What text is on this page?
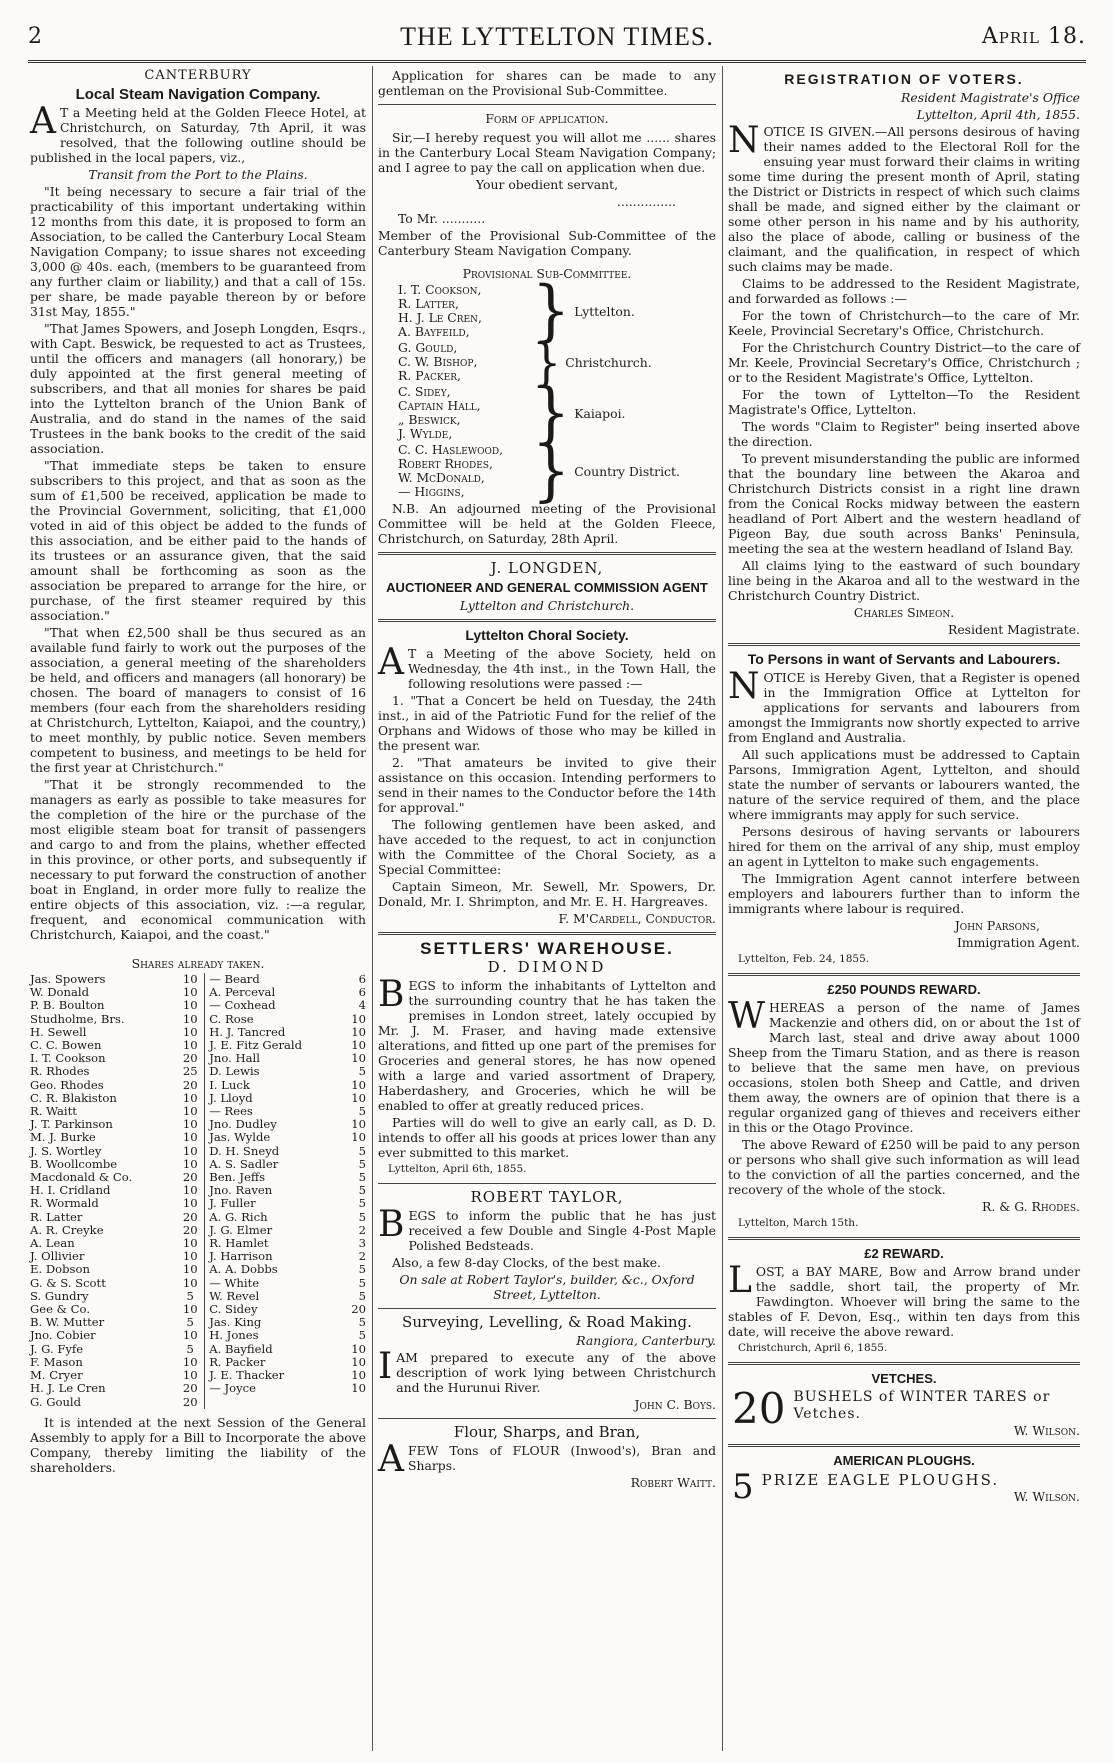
2	THE LYTTELTON TIMES.	April 18.
CANTERBURY
Local Steam Navigation Company.

A T a Meeting held at the Golden Fleece Hotel, at Christchurch, on Saturday, 7th April, it was resolved, that the following outline should be published in the local papers, viz.,

Transit from the Port to the Plains.

"It being necessary to secure a fair trial of the practicability of this important undertaking within 12 months from this date, it is proposed to form an Association, to be called the Canterbury Local Steam Navigation Company; to issue shares not exceeding 3,000 @ 40s. each, (members to be guaranteed from any further claim or liability,) and that a call of 15s. per share, be made payable thereon by or before 31st May, 1855."

"That James Spowers, and Joseph Longden, Esqrs., with Capt. Beswick, be requested to act as Trustees, until the officers and managers (all honorary,) be duly appointed at the first general meeting of subscribers, and that all monies for shares be paid into the Lyttelton branch of the Union Bank of Australia, and do stand in the names of the said Trustees in the bank books to the credit of the said association.

"That immediate steps be taken to ensure subscribers to this project, and that as soon as the sum of £1,500 be received, application be made to the Provincial Government, soliciting, that £1,000 voted in aid of this object be added to the funds of this association, and be either paid to the hands of its trustees or an assurance given, that the said amount shall be forthcoming as soon as the association be prepared to arrange for the hire, or purchase, of the first steamer required by this association."

"That when £2,500 shall be thus secured as an available fund fairly to work out the purposes of the association, a general meeting of the shareholders be held, and officers and managers (all honorary) be chosen. The board of managers to consist of 16 members (four each from the shareholders residing at Christchurch, Lyttelton, Kaiapoi, and the country,) to meet monthly, by public notice. Seven members competent to business, and meetings to be held for the first year at Christchurch."

"That it be strongly recommended to the managers as early as possible to take measures for the completion of the hire or the purchase of the most eligible steam boat for transit of passengers and cargo to and from the plains, whether effected in this province, or other ports, and subsequently if necessary to put forward the construction of another boat in England, in order more fully to realize the entire objects of this association, viz. :—a regular, frequent, and economical communication with Christchurch, Kaiapoi, and the coast."

Shares already taken.
Jas. Spowers	10	— Beard	6
W. Donald	10	A. Perceval	6
P. B. Boulton	10	— Coxhead	4
Studholme, Brs.	10	C. Rose	10
H. Sewell	10	H. J. Tancred	10
C. C. Bowen	10	J. E. Fitz Gerald	10
I. T. Cookson	20	Jno. Hall	10
R. Rhodes	25	D. Lewis	5
Geo. Rhodes	20	I. Luck	10
C. R. Blakiston	10	J. Lloyd	10
R. Waitt	10	— Rees	5
J. T. Parkinson	10	Jno. Dudley	10
M. J. Burke	10	Jas. Wylde	10
J. S. Wortley	10	D. H. Sneyd	5
B. Woollcombe	10	A. S. Sadler	5
Macdonald & Co.	20	Ben. Jeffs	5
H. I. Cridland	10	Jno. Raven	5
R. Wormald	10	J. Fuller	5
R. Latter	20	A. G. Rich	5
A. R. Creyke	20	J. G. Elmer	2
A. Lean	10	R. Hamlet	3
J. Ollivier	10	J. Harrison	2
E. Dobson	10	A. A. Dobbs	5
G. & S. Scott	10	— White	5
S. Gundry	5	W. Revel	5
Gee & Co.	10	C. Sidey	20
B. W. Mutter	5	Jas. King	5
Jno. Cobier	10	H. Jones	5
J. G. Fyfe	5	A. Bayfield	10
F. Mason	10	R. Packer	10
M. Cryer	10	J. E. Thacker	10
H. J. Le Cren	20	— Joyce	10
G. Gould	20		

It is intended at the next Session of the General Assembly to apply for a Bill to Incorporate the above Company, thereby limiting the liability of the shareholders.

Application for shares can be made to any gentleman on the Provisional Sub-Committee.

Form of application.

Sir,—I hereby request you will allot me ...... shares in the Canterbury Local Steam Navigation Company; and I agree to pay the call on application when due.

Your obedient servant,

...............

To Mr. ...........

Member of the Provisional Sub-Committee of the Canterbury Steam Navigation Company.

Provisional Sub-Committee.
I. T. Cookson,
R. Latter,
H. J. Le Cren,
A. Bayfeild,	} Lyttelton.
G. Gould,
C. W. Bishop,
R. Packer,	} Christchurch.
C. Sidey,
Captain Hall,
„ Beswick,
J. Wylde,	} Kaiapoi.
C. C. Haslewood,
Robert Rhodes,
W. McDonald,
— Higgins,	} Country District.

N.B. An adjourned meeting of the Provisional Committee will be held at the Golden Fleece, Christchurch, on Saturday, 28th April.

J. LONGDEN,
AUCTIONEER AND GENERAL COMMISSION AGENT
Lyttelton and Christchurch.
Lyttelton Choral Society.

A T a Meeting of the above Society, held on Wednesday, the 4th inst., in the Town Hall, the following resolutions were passed :—

1. "That a Concert be held on Tuesday, the 24th inst., in aid of the Patriotic Fund for the relief of the Orphans and Widows of those who may be killed in the present war.

2. "That amateurs be invited to give their assistance on this occasion. Intending performers to send in their names to the Conductor before the 14th for approval."

The following gentlemen have been asked, and have acceded to the request, to act in conjunction with the Committee of the Choral Society, as a Special Committee:

Captain Simeon, Mr. Sewell, Mr. Spowers, Dr. Donald, Mr. I. Shrimpton, and Mr. E. H. Hargreaves.

F. M'Cardell, Conductor.

SETTLERS' WAREHOUSE.
D. DIMOND

BEGS to inform the inhabitants of Lyttelton and the surrounding country that he has taken the premises in London street, lately occupied by Mr. J. M. Fraser, and having made extensive alterations, and fitted up one part of the premises for Groceries and general stores, he has now opened with a large and varied assortment of Drapery, Haberdashery, and Groceries, which he will be enabled to offer at greatly reduced prices.

Parties will do well to give an early call, as D. D. intends to offer all his goods at prices lower than any ever submitted to this market.

Lyttelton, April 6th, 1855.

ROBERT TAYLOR,

BEGS to inform the public that he has just received a few Double and Single 4-Post Maple Polished Bedsteads.

Also, a few 8-day Clocks, of the best make.

On sale at Robert Taylor's, builder, &c., Oxford Street, Lyttelton.

Surveying, Levelling, & Road Making.

Rangiora, Canterbury.

IAM prepared to execute any of the above description of work lying between Christchurch and the Hurunui River.

John C. Boys.

Flour, Sharps, and Bran,

AFEW Tons of FLOUR (Inwood's), Bran and Sharps.

Robert Waitt.

REGISTRATION OF VOTERS.

Resident Magistrate's Office

Lyttelton, April 4th, 1855.

NOTICE IS GIVEN.—All persons desirous of having their names added to the Electoral Roll for the ensuing year must forward their claims in writing some time during the present month of April, stating the District or Districts in respect of which such claims shall be made, and signed either by the claimant or some other person in his name and by his authority, also the place of abode, calling or business of the claimant, and the qualification, in respect of which such claims may be made.

Claims to be addressed to the Resident Magistrate, and forwarded as follows :—

For the town of Christchurch—to the care of Mr. Keele, Provincial Secretary's Office, Christchurch.

For the Christchurch Country District—to the care of Mr. Keele, Provincial Secretary's Office, Christchurch ; or to the Resident Magistrate's Office, Lyttelton.

For the town of Lyttelton—To the Resident Magistrate's Office, Lyttelton.

The words "Claim to Register" being inserted above the direction.

To prevent misunderstanding the public are informed that the boundary line between the Akaroa and Christchurch Districts consist in a right line drawn from the Conical Rocks midway between the eastern headland of Port Albert and the western headland of Pigeon Bay, due south across Banks' Peninsula, meeting the sea at the western headland of Island Bay.

All claims lying to the eastward of such boundary line being in the Akaroa and all to the westward in the Christchurch Country District.

Charles Simeon.

Resident Magistrate.

To Persons in want of Servants and Labourers.

NOTICE is Hereby Given, that a Register is opened in the Immigration Office at Lyttelton for applications for servants and labourers from amongst the Immigrants now shortly expected to arrive from England and Australia.

All such applications must be addressed to Captain Parsons, Immigration Agent, Lyttelton, and should state the number of servants or labourers wanted, the nature of the service required of them, and the place where immigrants may apply for such service.

Persons desirous of having servants or labourers hired for them on the arrival of any ship, must employ an agent in Lyttelton to make such engagements.

The Immigration Agent cannot interfere between employers and labourers further than to inform the immigrants where labour is required.

John Parsons,

Immigration Agent.

Lyttelton, Feb. 24, 1855.

£250 POUNDS REWARD.

WHEREAS a person of the name of James Mackenzie and others did, on or about the 1st of March last, steal and drive away about 1000 Sheep from the Timaru Station, and as there is reason to believe that the same men have, on previous occasions, stolen both Sheep and Cattle, and driven them away, the owners are of opinion that there is a regular organized gang of thieves and receivers either in this or the Otago Province.

The above Reward of £250 will be paid to any person or persons who shall give such information as will lead to the conviction of all the parties concerned, and the recovery of the whole of the stock.

R. & G. Rhodes.

Lyttelton, March 15th.

£2 REWARD.

LOST, a BAY MARE, Bow and Arrow brand under the saddle, short tail, the property of Mr. Fawdington. Whoever will bring the same to the stables of F. Devon, Esq., within ten days from this date, will receive the above reward.

Christchurch, April 6, 1855.

VETCHES.
20 BUSHELS of WINTER TARES or Vetches.
W. Wilson.
AMERICAN PLOUGHS.
5 PRIZE EAGLE PLOUGHS.
W. Wilson.
